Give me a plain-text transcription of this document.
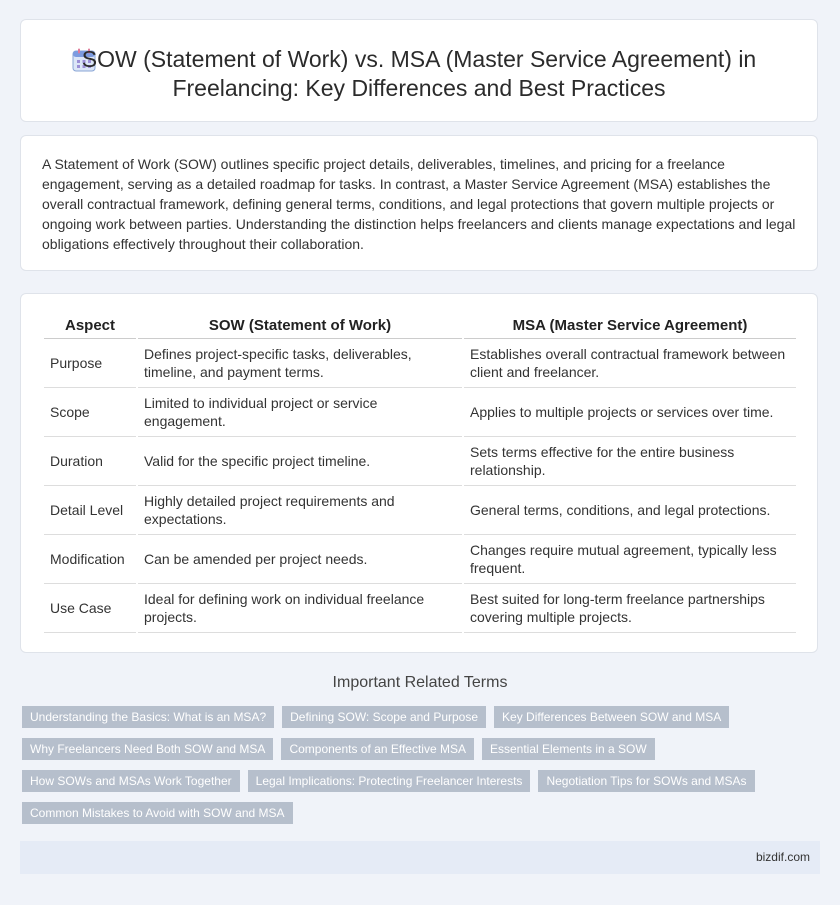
SOW (Statement of Work) vs. MSA (Master Service Agreement) in Freelancing: Key Differences and Best Practices

A Statement of Work (SOW) outlines specific project details, deliverables, timelines, and pricing for a freelance engagement, serving as a detailed roadmap for tasks. In contrast, a Master Service Agreement (MSA) establishes the overall contractual framework, defining general terms, conditions, and legal protections that govern multiple projects or ongoing work between parties. Understanding the distinction helps freelancers and clients manage expectations and legal obligations effectively throughout their collaboration.

Aspect	SOW (Statement of Work)	MSA (Master Service Agreement)
Purpose	Defines project-specific tasks, deliverables, timeline, and payment terms.	Establishes overall contractual framework between client and freelancer.
Scope	Limited to individual project or service engagement.	Applies to multiple projects or services over time.
Duration	Valid for the specific project timeline.	Sets terms effective for the entire business relationship.
Detail Level	Highly detailed project requirements and expectations.	General terms, conditions, and legal protections.
Modification	Can be amended per project needs.	Changes require mutual agreement, typically less frequent.
Use Case	Ideal for defining work on individual freelance projects.	Best suited for long-term freelance partnerships covering multiple projects.
Important Related Terms
Understanding the Basics: What is an MSA?	Defining SOW: Scope and Purpose	Key Differences Between SOW and MSA
Why Freelancers Need Both SOW and MSA	Components of an Effective MSA	Essential Elements in a SOW
How SOWs and MSAs Work Together	Legal Implications: Protecting Freelancer Interests	Negotiation Tips for SOWs and MSAs
Common Mistakes to Avoid with SOW and MSA
bizdif.com
